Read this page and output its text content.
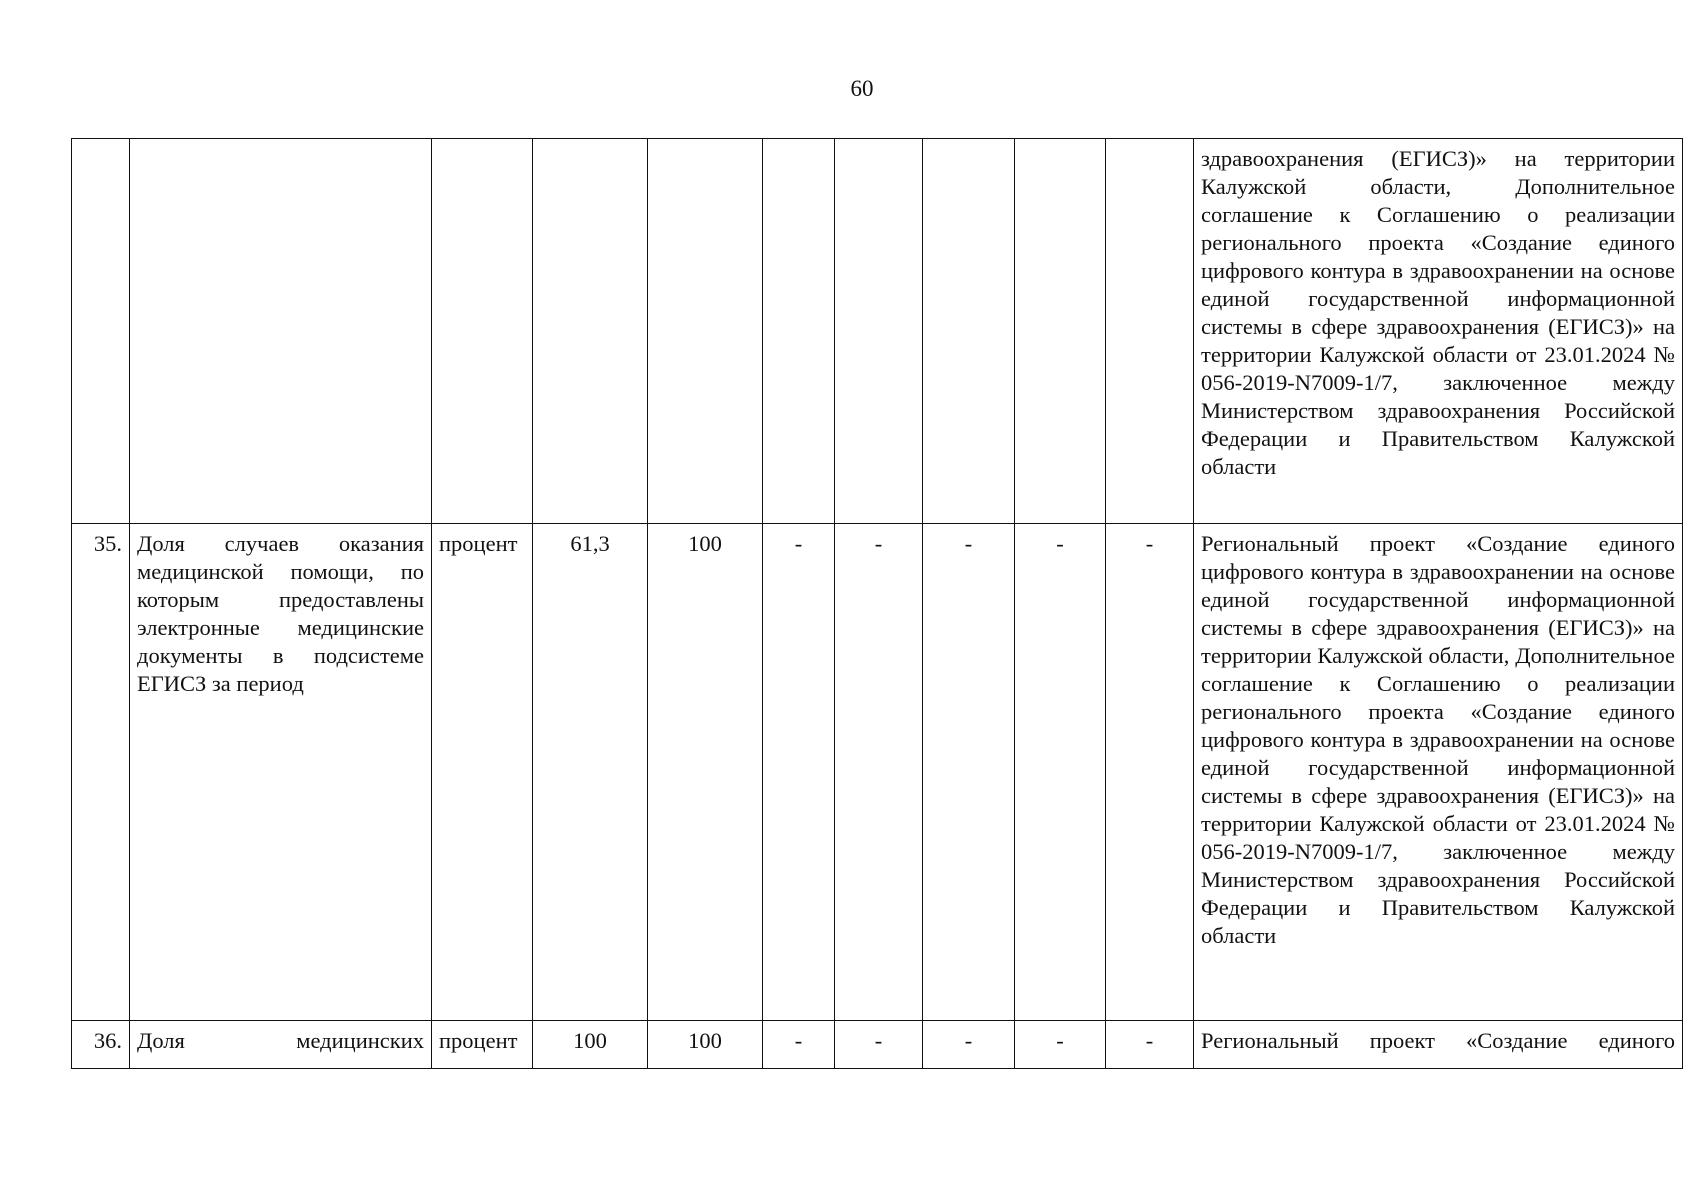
60
										здравоохранения (ЕГИСЗ)» на территории Калужской области, Дополнительное соглашение к Соглашению о реализации регионального проекта «Создание единого цифрового контура в здравоохранении на основе единой государственной информационной системы в сфере здравоохранения (ЕГИСЗ)» на территории Калужской области от 23.01.2024 № 056-2019-N7009-1/7, заключенное между Министерством здравоохранения Российской Федерации и Правительством Калужской области
35.	Доля случаев оказания медицинской помощи, по которым предоставлены электронные медицинские документы в подсистеме ЕГИСЗ за период	процент	61,3	100	-	-	-	-	-	Региональный проект «Создание единого цифрового контура в здравоохранении на основе единой государственной информационной системы в сфере здравоохранения (ЕГИСЗ)» на территории Калужской области, Дополнительное соглашение к Соглашению о реализации регионального проекта «Создание единого цифрового контура в здравоохранении на основе единой государственной информационной системы в сфере здравоохранения (ЕГИСЗ)» на территории Калужской области от 23.01.2024 № 056-2019-N7009-1/7, заключенное между Министерством здравоохранения Российской Федерации и Правительством Калужской области
36.	Доля медицинских	процент	100	100	-	-	-	-	-	Региональный проект «Создание единого
